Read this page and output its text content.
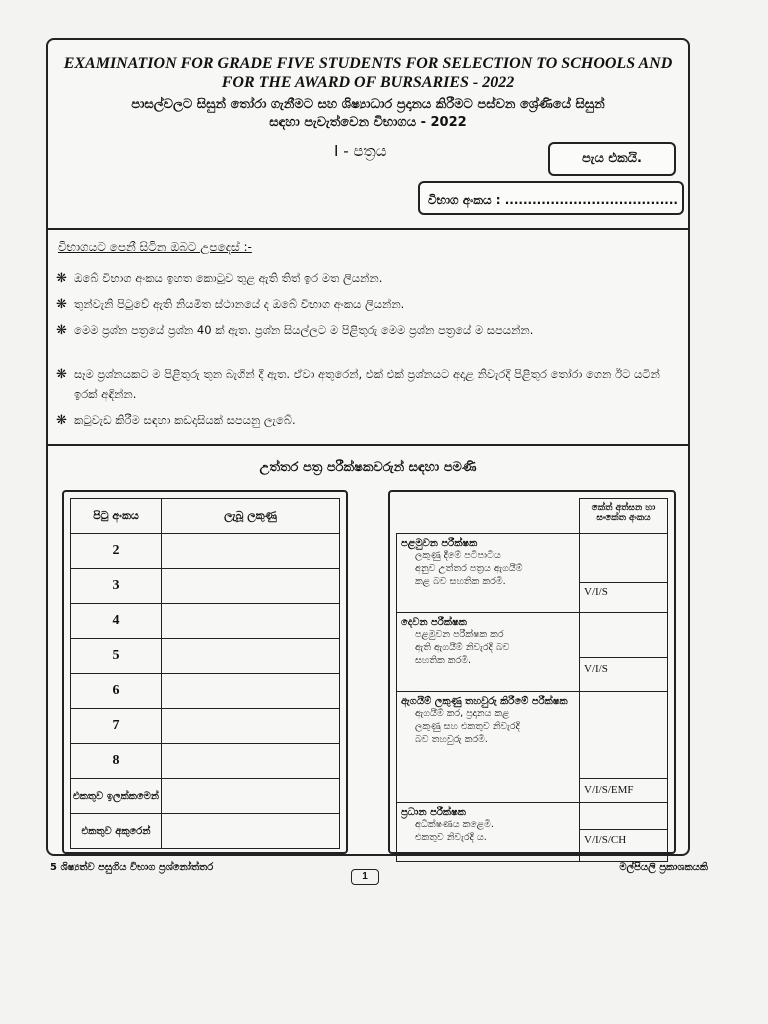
EXAMINATION FOR GRADE FIVE STUDENTS FOR SELECTION TO SCHOOLS AND
FOR THE AWARD OF BURSARIES - 2022
පාසල්වලට සිසුන් තෝරා ගැනීමට සහ ශිෂ්‍යාධාර ප්‍රදානය කිරීමට පස්වන ශ්‍රේණියේ සිසුන්
සඳහා පැවැත්වෙන විභාගය - 2022
I - පත්‍රය	පැය එකයි.
විභාග අංකය : ......................................
විභාගයට පෙනී සිටින ඔබට උපදෙස් :-
❋ ඔබේ විභාග අංකය ඉහත කොටුව තුළ ඇති තිත් ඉර මත ලියන්න.
❋ තුන්වැනි පිටුවේ ඇති නියමිත ස්ථානයේ ද ඔබේ විභාග අංකය ලියන්න.
❋ මෙම ප්‍රශ්න පත්‍රයේ ප්‍රශ්න 40 ක් ඇත. ප්‍රශ්න සියල්ලට ම පිළිතුරු මෙම ප්‍රශ්න පත්‍රයේ ම සපයන්න.
❋ සෑම ප්‍රශ්නයකට ම පිළිතුරු තුන බැගින් දී ඇත. ඒවා අතුරෙන්, එක් එක් ප්‍රශ්නයට අදාළ නිවැරදි පිළිතුර තෝරා ගෙන ඊට යටින් ඉරක් අඳින්න.
❋ කටුවැඩ කිරීම සඳහා කඩදාසියක් සපයනු ලැබේ.
උත්තර පත්‍ර පරීක්ෂකවරුන් සඳහා පමණි
පිටු අංකය	ලැබූ ලකුණු
2	
3	
4	
5	
6	
7	
8	
එකතුව ඉලක්කමෙන්	
එකතුව අකුරෙන්	
	කේත් අත්සන හා සංකේත අංකය

පළමුවන පරීක්ෂක
ලකුණු දීමේ පටිපාටිය
අනුව උත්තර පත්‍රය ඇගයීම්
කළ බව සහතික කරමි.	V/I/S

දෙවන පරීක්ෂක
පළමුවන පරීක්ෂක කර
ඇති ඇගයීම් නිවැරදි බව
සහතික කරමි.	V/I/S

ඇගයීම් ලකුණු තහවුරු කිරීමේ පරීක්ෂක
ඇගයීම් කර, ප්‍රදානය කළ
ලකුණු සහ එකතුව නිවැරදි
බව තහවුරු කරමි.	V/I/S/EMF

ප්‍රධාන පරීක්ෂක
අධීක්ෂණය කළෙමි.
එකතුව නිවැරදි ය.	V/I/S/CH
5 ශිෂ්‍යත්ව පසුගිය විභාග ප්‍රශ්නෝත්තර
1
මල්පියලි ප්‍රකාශකයකි
